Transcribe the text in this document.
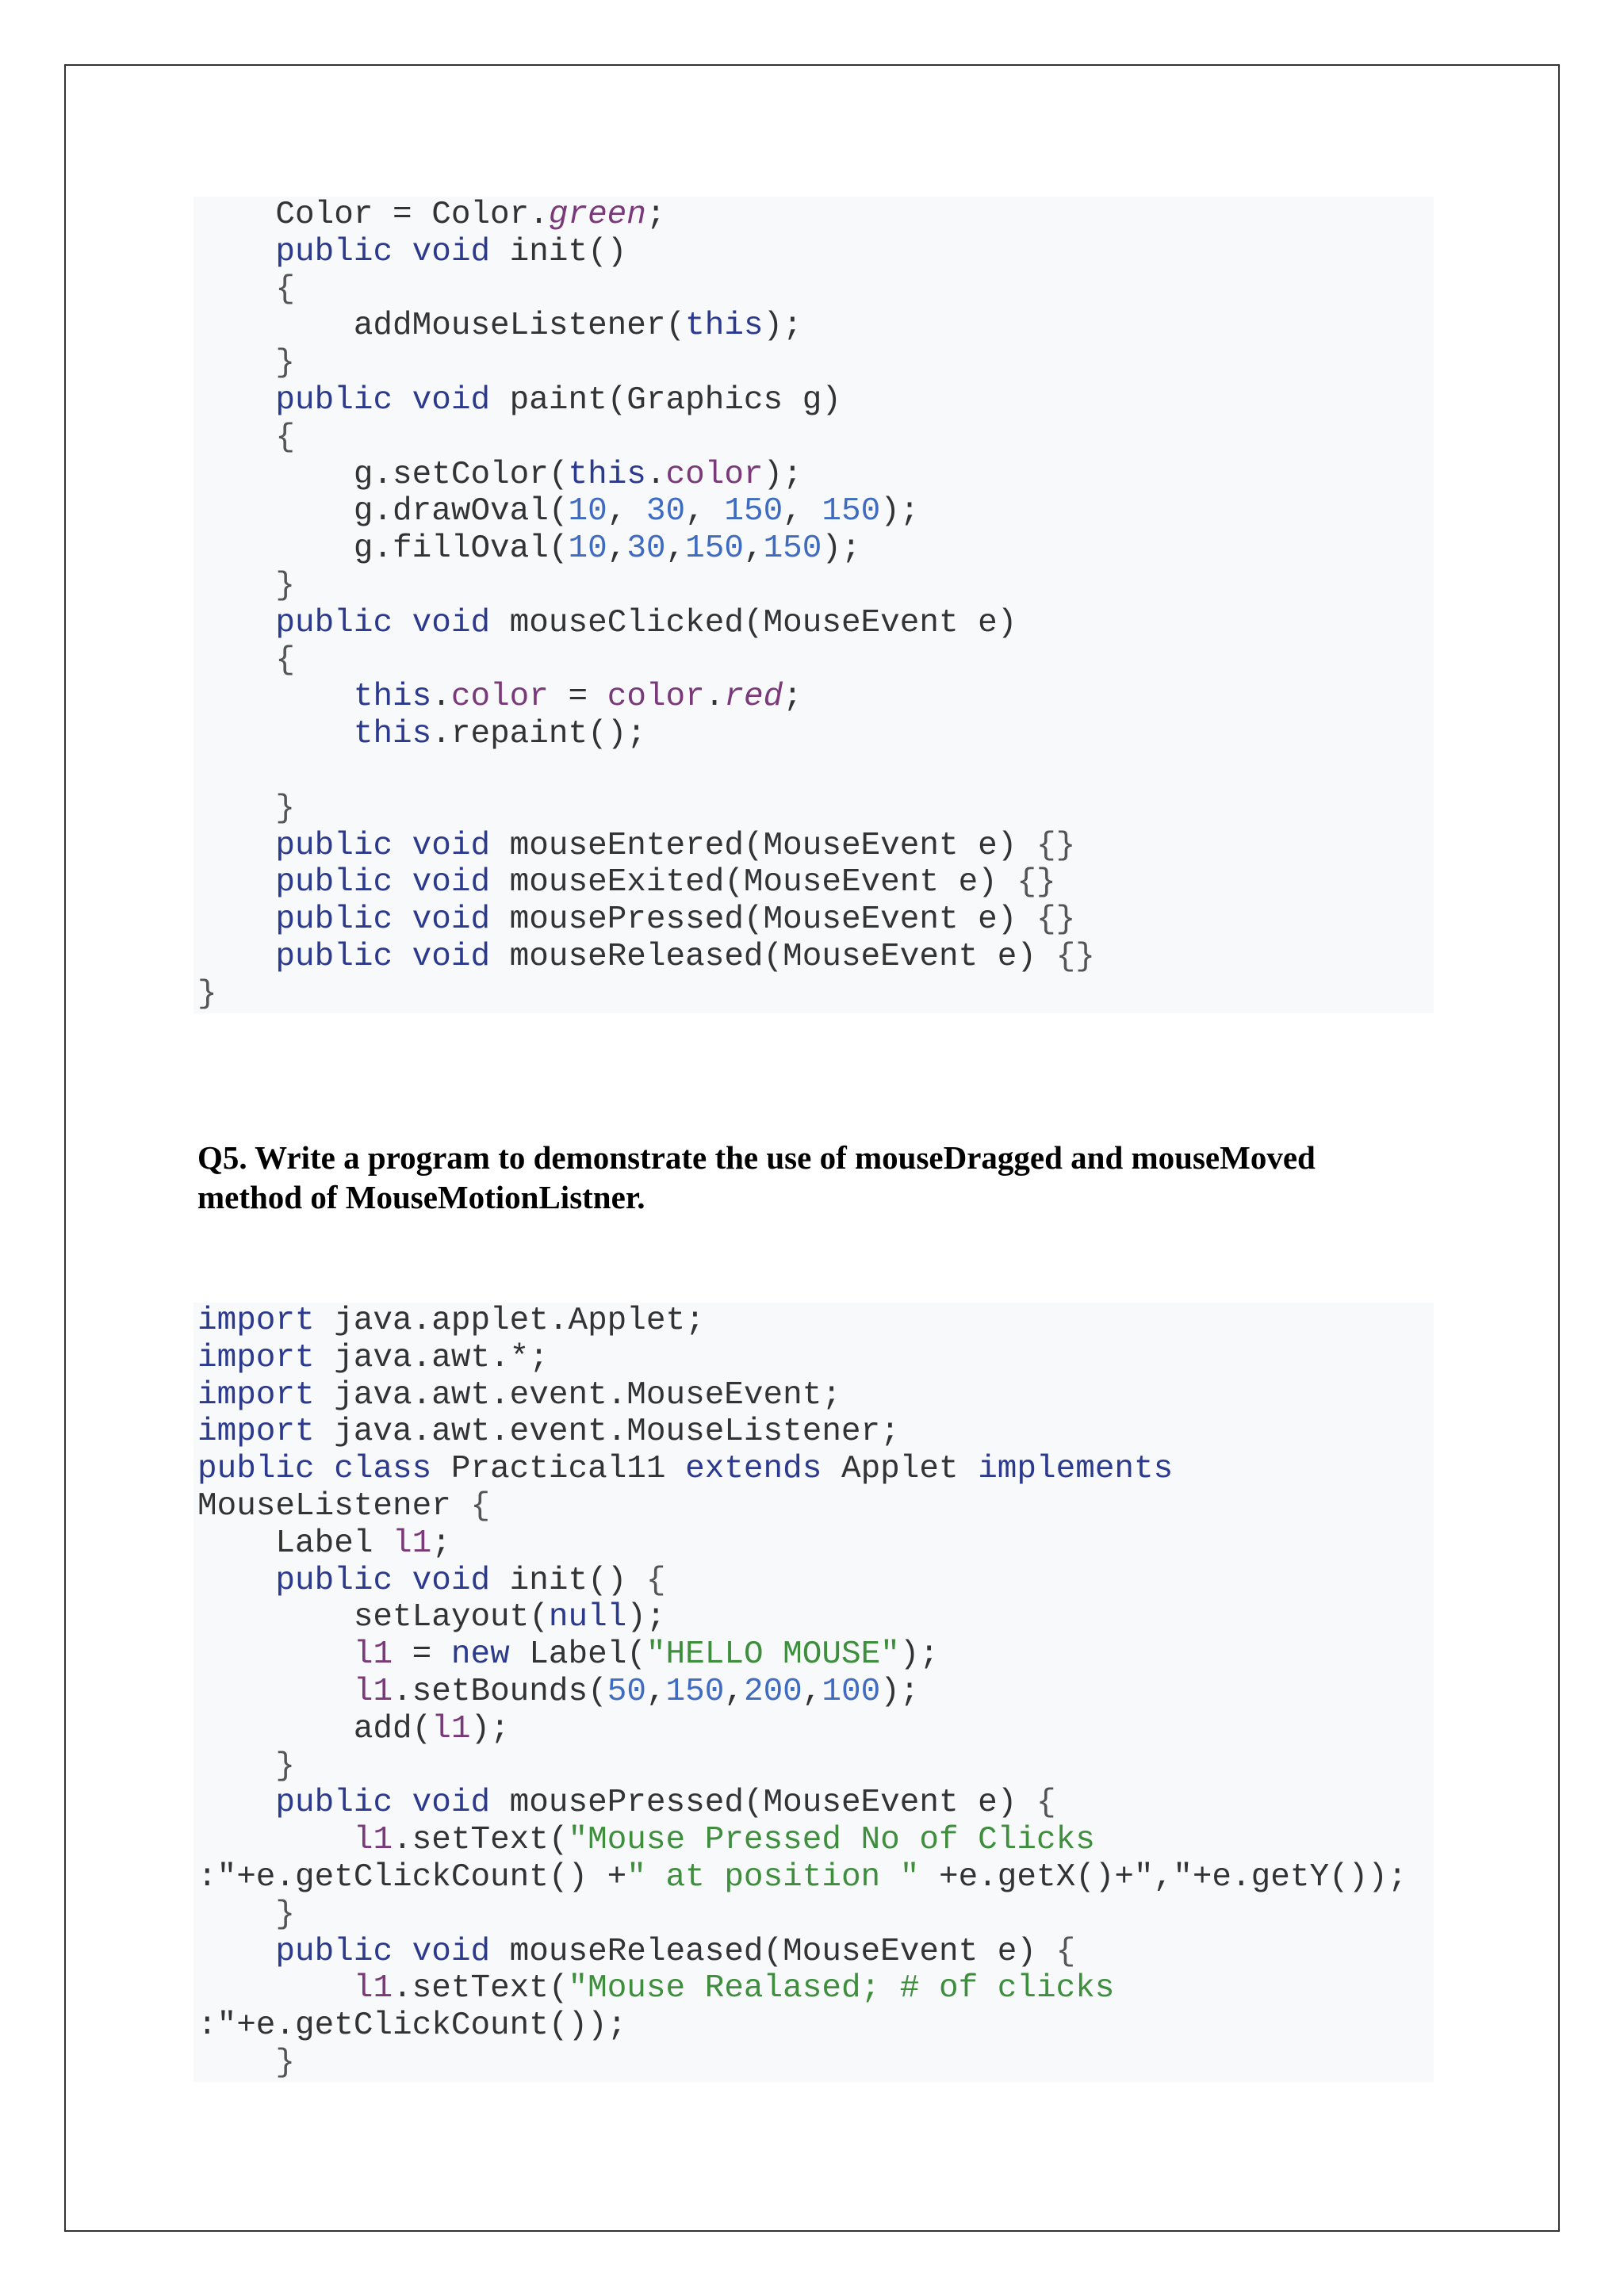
Color = Color.green;
public void init()
{
addMouseListener(this);
}
public void paint(Graphics g)
{
g.setColor(this.color);
g.drawOval(10, 30, 150, 150);
g.fillOval(10,30,150,150);
}
public void mouseClicked(MouseEvent e)
{
this.color = color.red;
this.repaint();
}
public void mouseEntered(MouseEvent e) {}
public void mouseExited(MouseEvent e) {}
public void mousePressed(MouseEvent e) {}
public void mouseReleased(MouseEvent e) {}
}
Q5. Write a program to demonstrate the use of mouseDragged and mouseMoved
method of MouseMotionListner.
import java.applet.Applet;
import java.awt.*;
import java.awt.event.MouseEvent;
import java.awt.event.MouseListener;
public class Practical11 extends Applet implements
MouseListener {
Label l1;
public void init() {
setLayout(null);
l1 = new Label("HELLO MOUSE");
l1.setBounds(50,150,200,100);
add(l1);
}
public void mousePressed(MouseEvent e) {
l1.setText("Mouse Pressed No of Clicks
:"+e.getClickCount() +" at position " +e.getX()+","+e.getY());
}
public void mouseReleased(MouseEvent e) {
l1.setText("Mouse Realased; # of clicks
:"+e.getClickCount());
}
